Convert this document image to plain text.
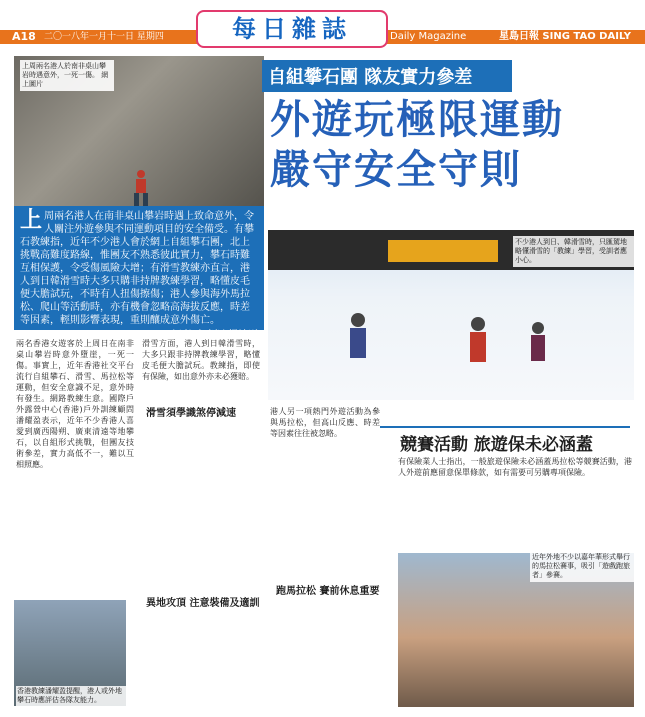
A18 二〇一八年一月十一日 星期四	每日雜誌	Daily Magazine	星島日報 SING TAO DAILY
上周兩名港人於南非桌山攀岩時遇意外，一死一傷。 網上圖片	自組攀石團 隊友實力參差
外遊玩極限運動
嚴守安全守則
上 周兩名港人在南非桌山攀岩時遇上致命意外，令人關注外遊參與不同運動項目的安全備受。有攀石教練指，近年不少港人會於網上自組攀石團，北上挑戰高難度路線，惟團友不熟悉彼此實力，攀石時難互相保護，令受傷風險大增；有滑雪教練亦直言，港人到日韓滑雪時大多只購非持牌教練學習，略懂皮毛便大膽試玩，不時有人扭傷擦傷；港人參與海外馬拉松、爬山等活動時，亦有機會忽略高海拔反應，時差等因素，輕則影響表現，重則釀成意外傷亡。
記者 李卓穎 楊詩彤
不少港人到日、韓滑雪時，只匯駕地略懂滑雪的「教練」學習，受訓者應小心。
兩名香港女遊客於上周日在南非桌山攀岩時意外墮崖，一死一傷。事實上，近年香港社交平台流行自組攀石、滑雪、馬拉松等運動，但安全意識不足，意外時有發生。網路教練生意。國際戶外露營中心(香港)戶外訓練顧問潘耀盈表示，近年不少香港人喜愛到廣西陽朔、廣東清遠等地攀石，以自組形式挑戰，但團友技術參差，實力高低不一，難以互相照應。
滑雪方面，港人到日韓滑雪時，大多只跟非持牌教練學習，略懂皮毛便大膽試玩。教練指，即使有保險，如出意外亦未必獲賠。
滑雪須學識煞停減速
異地攻頂 注意裝備及適訓
港人另一項熱門外遊活動為參與馬拉松，但高山反應、時差等因素往往被忽略。
跑馬拉松 賽前休息重要
競賽活動 旅遊保未必涵蓋
有保險業人士指出，一般旅遊保險未必涵蓋馬拉松等競賽活動，港人外遊前應留意保單條款，如有需要可另購專項保險。
近年外地不少以嘉年華形式舉行的馬拉松賽事，吸引「遊戲跑旅者」參賽。
香港教練潘耀盈提醒，港人或外地攀石時應評估各隊友能力。
